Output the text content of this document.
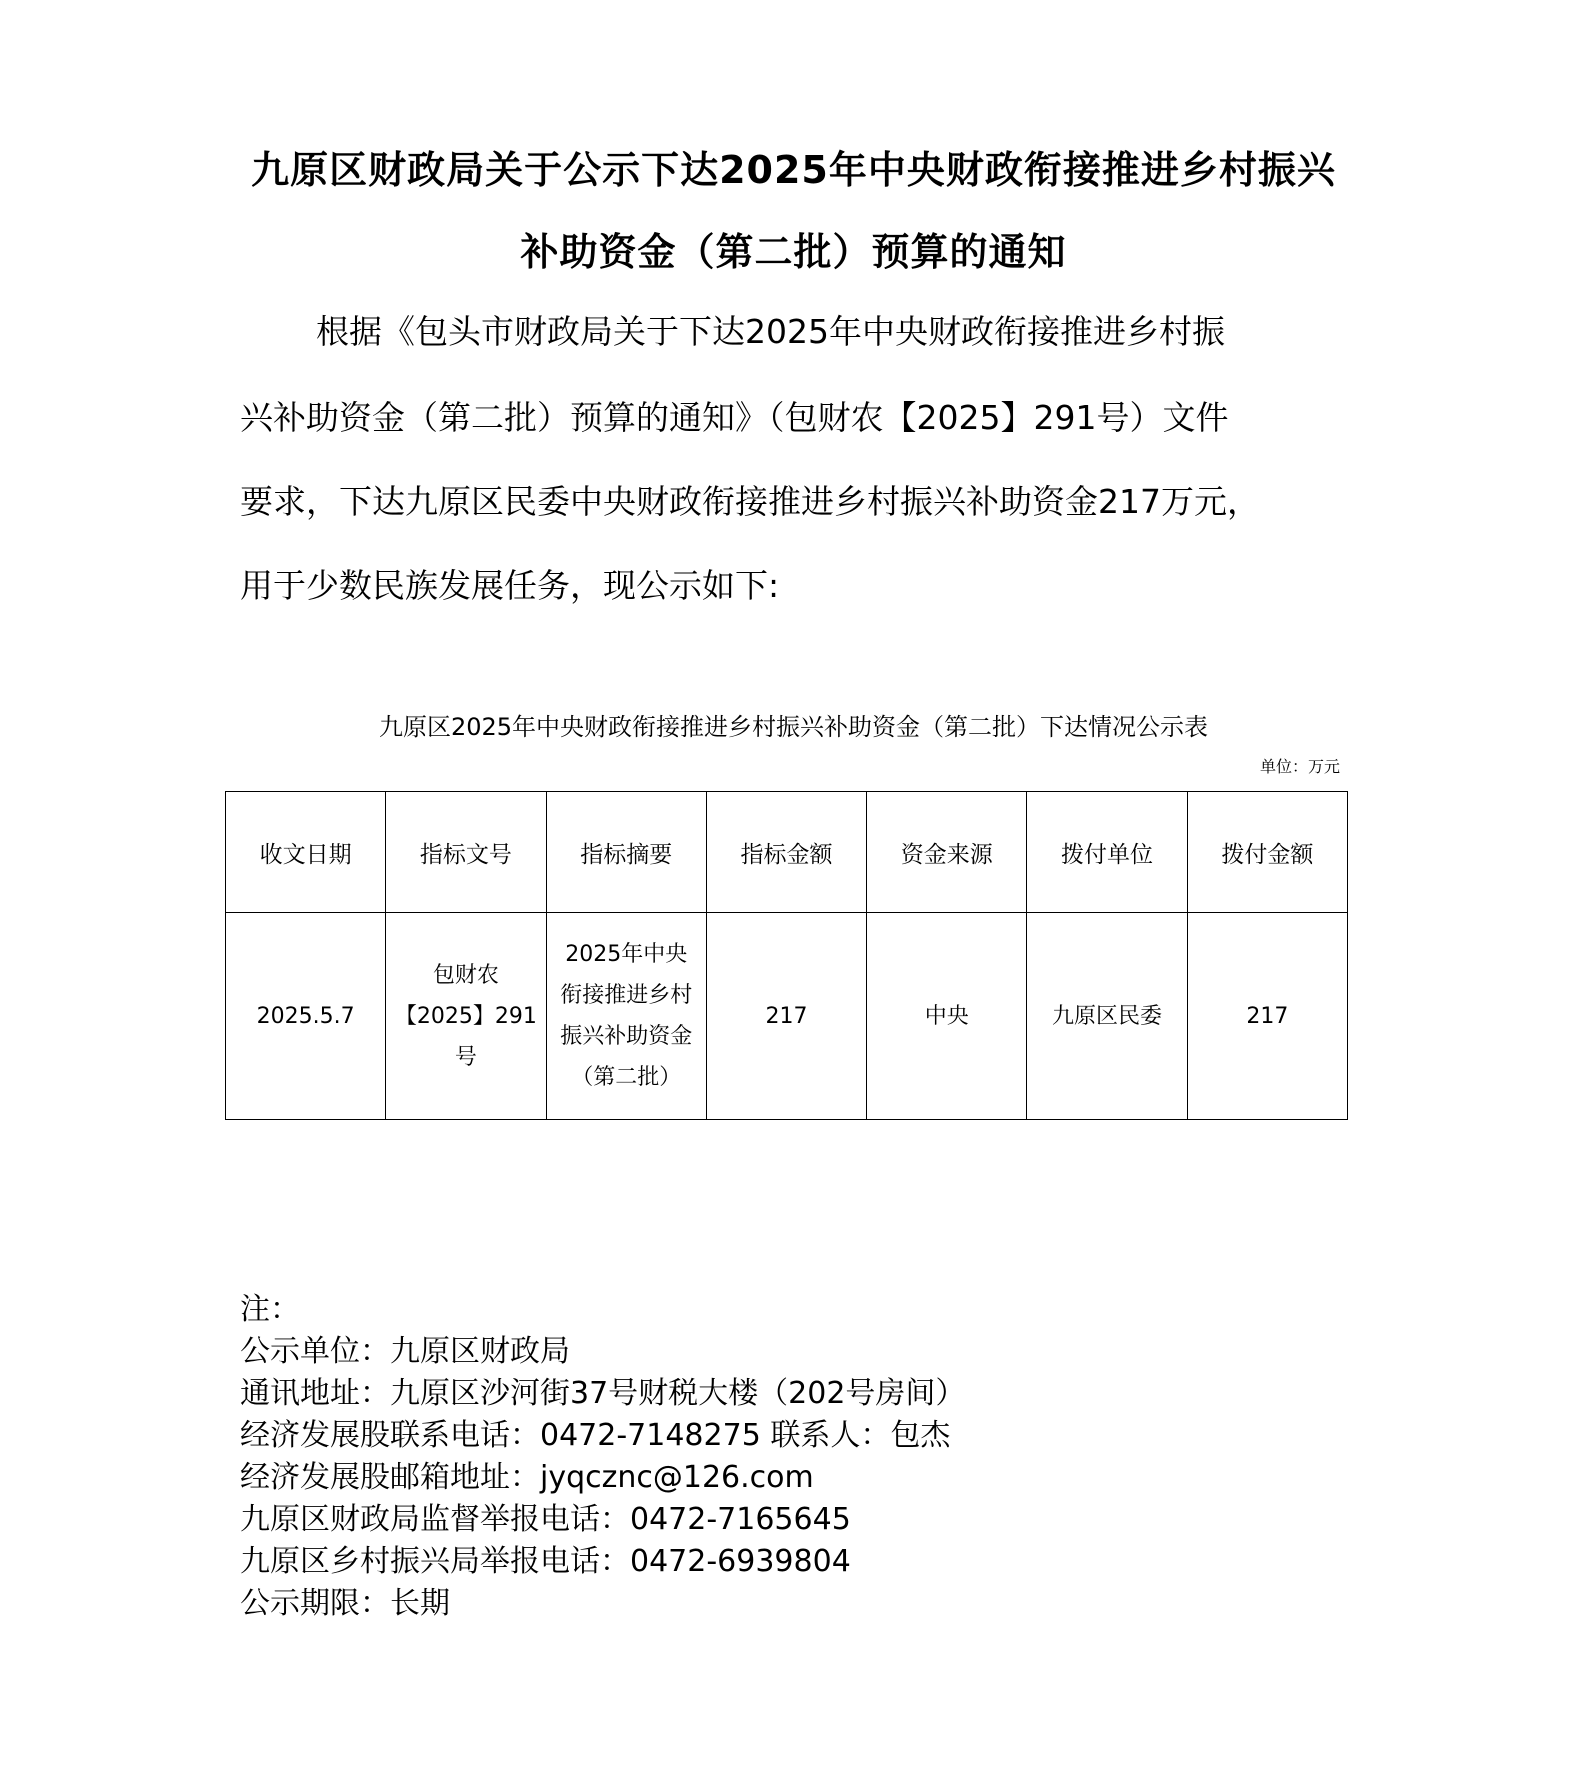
九原区财政局关于公示下达2025年中央财政衔接推进乡村振兴
补助资金（第二批）预算的通知

根据《包头市财政局关于下达2025年中央财政衔接推进乡村振

兴补助资金（第二批）预算的通知》（包财农【2025】291号）文件

要求，下达九原区民委中央财政衔接推进乡村振兴补助资金217万元，

用于少数民族发展任务，现公示如下:

九原区2025年中央财政衔接推进乡村振兴补助资金（第二批）下达情况公示表

单位：万元
收文日期	指标文号	指标摘要	指标金额	资金来源	拨付单位	拨付金额
2025.5.7	包财农【2025】291号	2025年中央衔接推进乡村振兴补助资金（第二批）	217	中央	九原区民委	217

注：

公示单位：九原区财政局

通讯地址：九原区沙河街37号财税大楼（202号房间）

经济发展股联系电话：0472-7148275 联系人：包杰

经济发展股邮箱地址：jyqcznc@126.com

九原区财政局监督举报电话：0472-7165645

九原区乡村振兴局举报电话：0472-6939804

公示期限：长期
